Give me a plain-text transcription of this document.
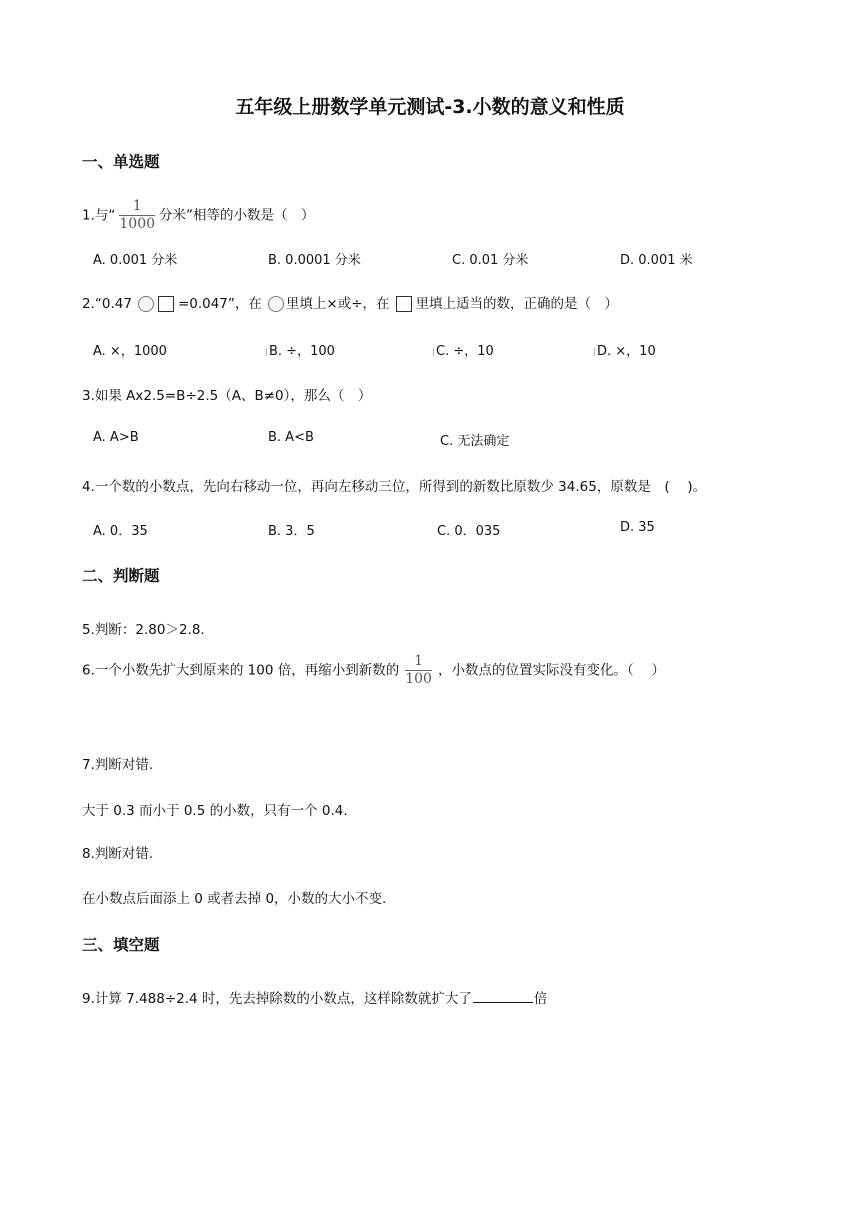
五年级上册数学单元测试-3.小数的意义和性质
一、单选题
1.与“ $\frac{1}{1000}$ 分米”相等的小数是（　）
A. 0.001 分米	B. 0.0001 分米	C. 0.01 分米	D. 0.001 米
2.“0.47	=0.047”，在 里填上×或÷，在 里填上适当的数，正确的是（　）
A. ×，1000	B. ÷，100	C. ÷，10	D. ×，10
3.如果 Ax2.5=B÷2.5（A、B≠0），那么（　）
A. A>B	B. A<B	C. 无法确定
4.一个数的小数点，先向右移动一位，再向左移动三位，所得到的新数比原数少 34.65，原数是　(　 )。
A. 0．35	B. 3．5	C. 0．035	D. 35
二、判断题
5.判断：2.80＞2.8.
6.一个小数先扩大到原来的 100 倍，再缩小到新数的 $\frac{1}{100}$ ，小数点的位置实际没有变化。（　 ）
7.判断对错.
大于 0.3 而小于 0.5 的小数，只有一个 0.4.
8.判断对错.
在小数点后面添上 0 或者去掉 0，小数的大小不变.
三、填空题
9.计算 7.488÷2.4 时，先去掉除数的小数点，这样除数就扩大了	倍
